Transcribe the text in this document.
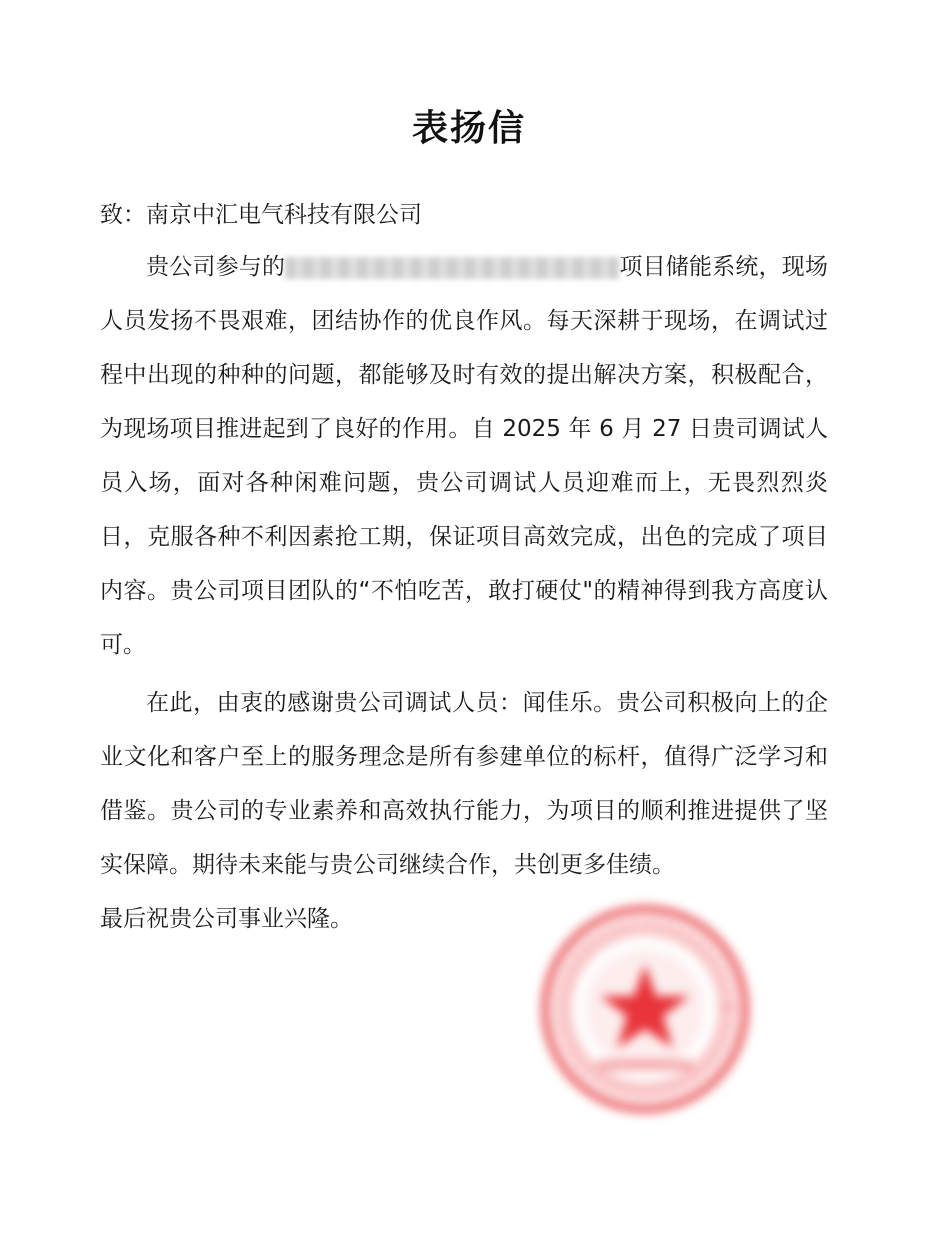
表扬信
致：南京中汇电气科技有限公司
贵公司参与的	项目储能系统，现场人员发扬不畏艰难，团结协作的优良作风。每天深耕于现场，在调试过程中出现的种种的问题，都能够及时有效的提出解决方案，积极配合，为现场项目推进起到了良好的作用。自 2025 年 6 月 27 日贵司调试人员入场，面对各种闲难问题，贵公司调试人员迎难而上，无畏烈烈炎日，克服各种不利因素抢工期，保证项目高效完成，出色的完成了项目内容。贵公司项目团队的“不怕吃苦，敢打硬仗"的精神得到我方高度认可。
在此，由衷的感谢贵公司调试人员：闻佳乐。贵公司积极向上的企业文化和客户至上的服务理念是所有参建单位的标杆，值得广泛学习和借鉴。贵公司的专业素养和高效执行能力，为项目的顺利推进提供了坚实保障。期待未来能与贵公司继续合作，共创更多佳绩。
最后祝贵公司事业兴隆。
